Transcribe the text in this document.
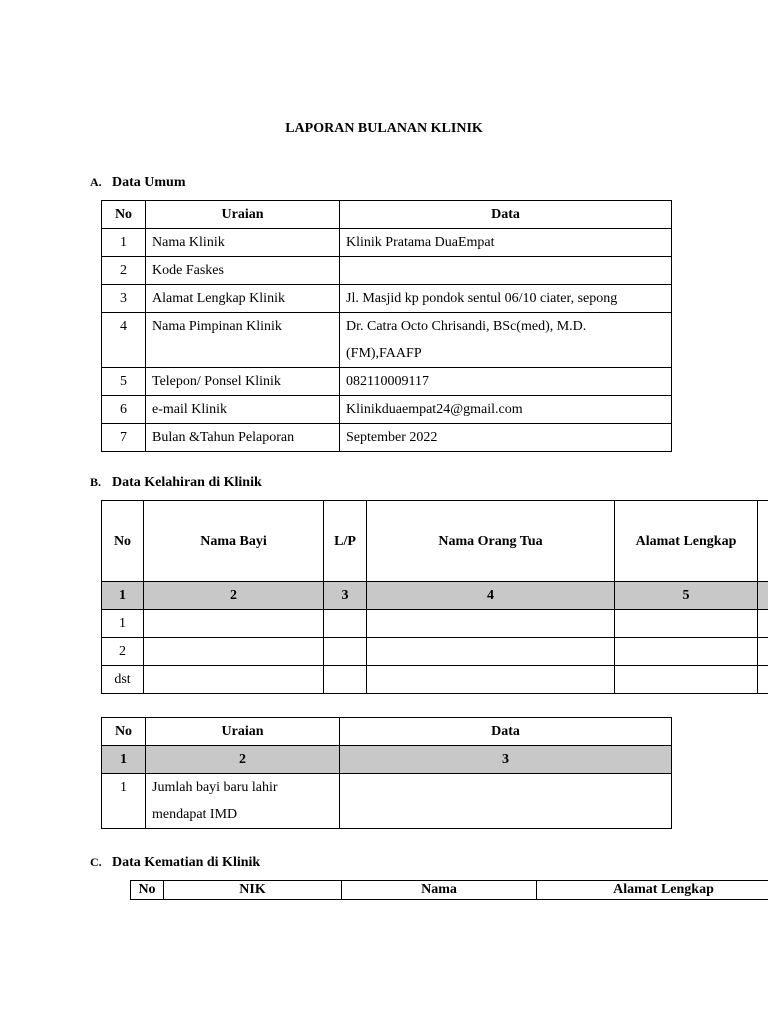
LAPORAN BULANAN KLINIK
A. Data Umum
No	Uraian	Data
1	Nama Klinik	Klinik Pratama DuaEmpat
2	Kode Faskes	
3	Alamat Lengkap Klinik	Jl. Masjid kp pondok sentul 06/10 ciater, sepong
4	Nama Pimpinan Klinik	Dr. Catra Octo Chrisandi, BSc(med), M.D. (FM),FAAFP
5	Telepon/ Ponsel Klinik	082110009117
6	e-mail Klinik	Klinikduaempat24@gmail.com
7	Bulan &Tahun Pelaporan	September 2022
B. Data Kelahiran di Klinik
No	Nama Bayi	L/P	Nama Orang Tua	Alamat Lengkap	
1	2	3	4	5	
1					
2					
dst					
No	Uraian	Data
1	2	3
1	Jumlah bayi baru lahir mendapat IMD	
C. Data Kematian di Klinik
No	NIK	Nama	Alamat Lengkap
